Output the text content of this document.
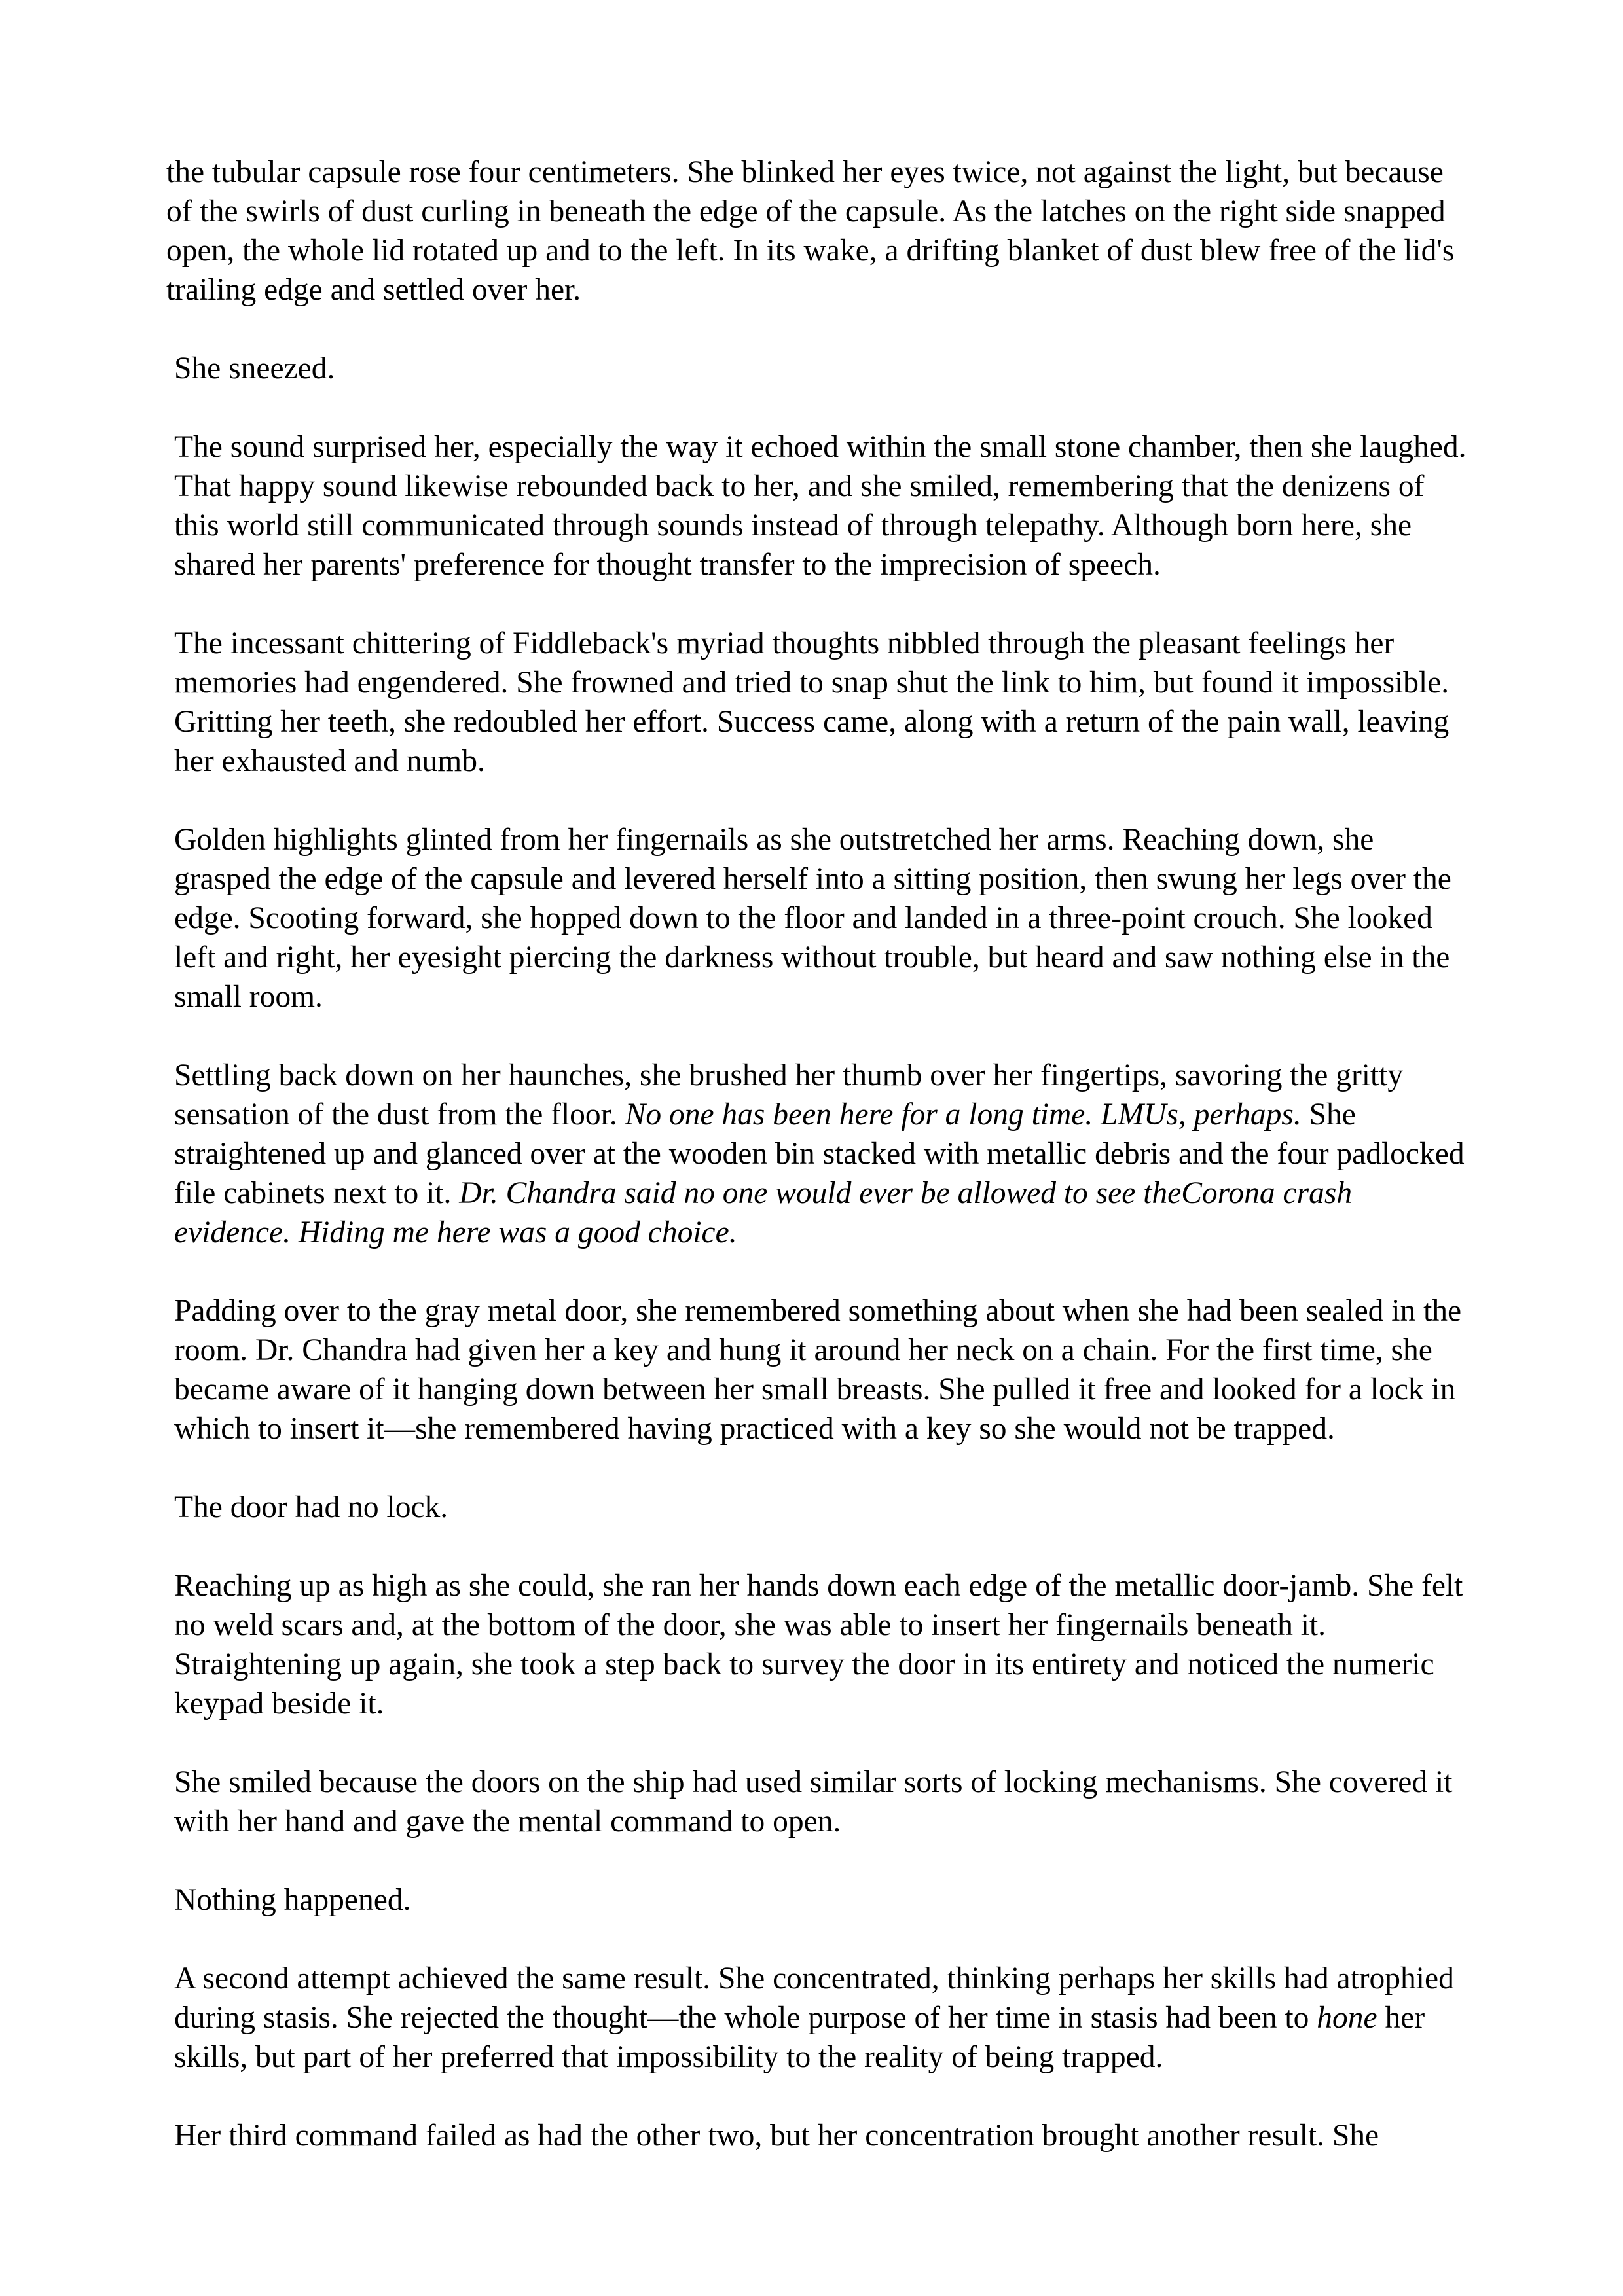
the tubular capsule rose four centimeters. She blinked her eyes twice, not against the light, but because of the swirls of dust curling in beneath the edge of the capsule. As the latches on the right side snapped open, the whole lid rotated up and to the left. In its wake, a drifting blanket of dust blew free of the lid's trailing edge and settled over her.

She sneezed.

The sound surprised her, especially the way it echoed within the small stone chamber, then she laughed. That happy sound likewise rebounded back to her, and she smiled, remembering that the denizens of this world still communicated through sounds instead of through telepathy. Although born here, she shared her parents' preference for thought transfer to the imprecision of speech.

The incessant chittering of Fiddleback's myriad thoughts nibbled through the pleasant feelings her memories had engendered. She frowned and tried to snap shut the link to him, but found it impossible. Gritting her teeth, she redoubled her effort. Success came, along with a return of the pain wall, leaving her exhausted and numb.

Golden highlights glinted from her fingernails as she outstretched her arms. Reaching down, she grasped the edge of the capsule and levered herself into a sitting position, then swung her legs over the edge. Scooting forward, she hopped down to the floor and landed in a three-point crouch. She looked left and right, her eyesight piercing the darkness without trouble, but heard and saw nothing else in the small room.

Settling back down on her haunches, she brushed her thumb over her fingertips, savoring the gritty sensation of the dust from the floor. No one has been here for a long time. LMUs, perhaps. She straightened up and glanced over at the wooden bin stacked with metallic debris and the four padlocked file cabinets next to it. Dr. Chandra said no one would ever be allowed to see theCorona crash evidence. Hiding me here was a good choice.

Padding over to the gray metal door, she remembered something about when she had been sealed in the room. Dr. Chandra had given her a key and hung it around her neck on a chain. For the first time, she became aware of it hanging down between her small breasts. She pulled it free and looked for a lock in which to insert it—she remembered having practiced with a key so she would not be trapped.

The door had no lock.

Reaching up as high as she could, she ran her hands down each edge of the metallic door-jamb. She felt no weld scars and, at the bottom of the door, she was able to insert her fingernails beneath it. Straightening up again, she took a step back to survey the door in its entirety and noticed the numeric keypad beside it.

She smiled because the doors on the ship had used similar sorts of locking mechanisms. She covered it with her hand and gave the mental command to open.

Nothing happened.

A second attempt achieved the same result. She concentrated, thinking perhaps her skills had atrophied during stasis. She rejected the thought—the whole purpose of her time in stasis had been to hone her skills, but part of her preferred that impossibility to the reality of being trapped.

Her third command failed as had the other two, but her concentration brought another result. She
